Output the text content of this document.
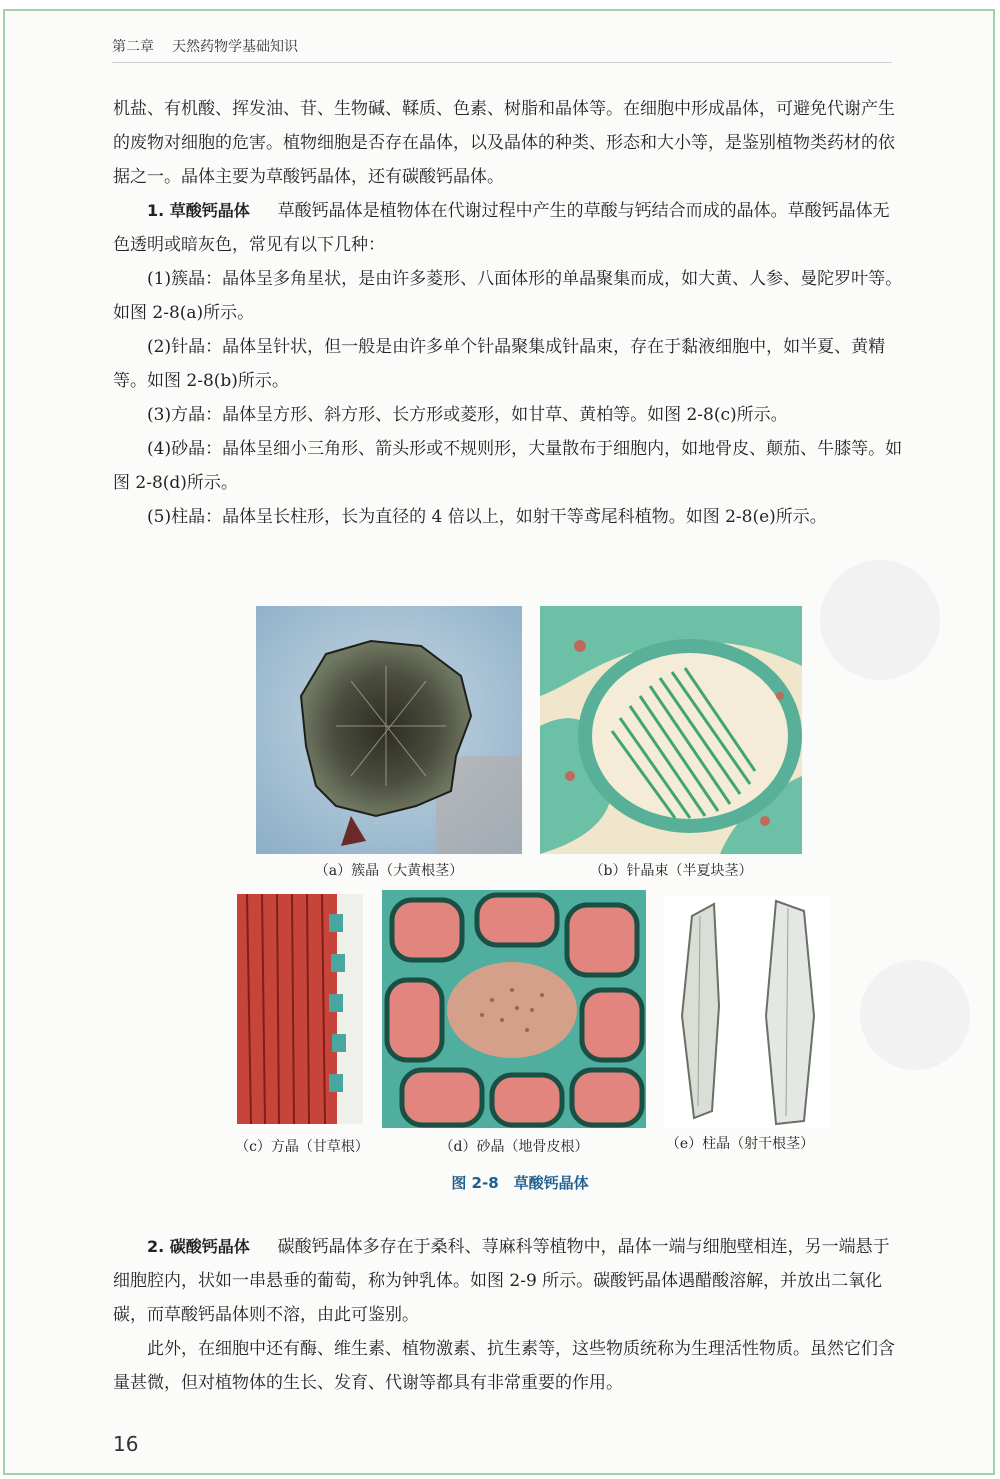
第二章 天然药物学基础知识

机盐、有机酸、挥发油、苷、生物碱、鞣质、色素、树脂和晶体等。在细胞中形成晶体，可避免代谢产生的废物对细胞的危害。植物细胞是否存在晶体，以及晶体的种类、形态和大小等，是鉴别植物类药材的依据之一。晶体主要为草酸钙晶体，还有碳酸钙晶体。

1. 草酸钙晶体 　 草酸钙晶体是植物体在代谢过程中产生的草酸与钙结合而成的晶体。草酸钙晶体无色透明或暗灰色，常见有以下几种：

(1)簇晶：晶体呈多角星状，是由许多菱形、八面体形的单晶聚集而成，如大黄、人参、曼陀罗叶等。如图 2-8(a)所示。

(2)针晶：晶体呈针状，但一般是由许多单个针晶聚集成针晶束，存在于黏液细胞中，如半夏、黄精等。如图 2-8(b)所示。

(3)方晶：晶体呈方形、斜方形、长方形或菱形，如甘草、黄柏等。如图 2-8(c)所示。

(4)砂晶：晶体呈细小三角形、箭头形或不规则形，大量散布于细胞内，如地骨皮、颠茄、牛膝等。如图 2-8(d)所示。

(5)柱晶：晶体呈长柱形，长为直径的 4 倍以上，如射干等鸢尾科植物。如图 2-8(e)所示。

（a）簇晶（大黄根茎）	（b）针晶束（半夏块茎）
（c）方晶（甘草根）	（d）砂晶（地骨皮根）	（e）柱晶（射干根茎）
图 2-8　草酸钙晶体

2. 碳酸钙晶体 　 碳酸钙晶体多存在于桑科、荨麻科等植物中，晶体一端与细胞壁相连，另一端悬于细胞腔内，状如一串悬垂的葡萄，称为钟乳体。如图 2-9 所示。碳酸钙晶体遇醋酸溶解，并放出二氧化碳，而草酸钙晶体则不溶，由此可鉴别。

此外，在细胞中还有酶、维生素、植物激素、抗生素等，这些物质统称为生理活性物质。虽然它们含量甚微，但对植物体的生长、发育、代谢等都具有非常重要的作用。

16
